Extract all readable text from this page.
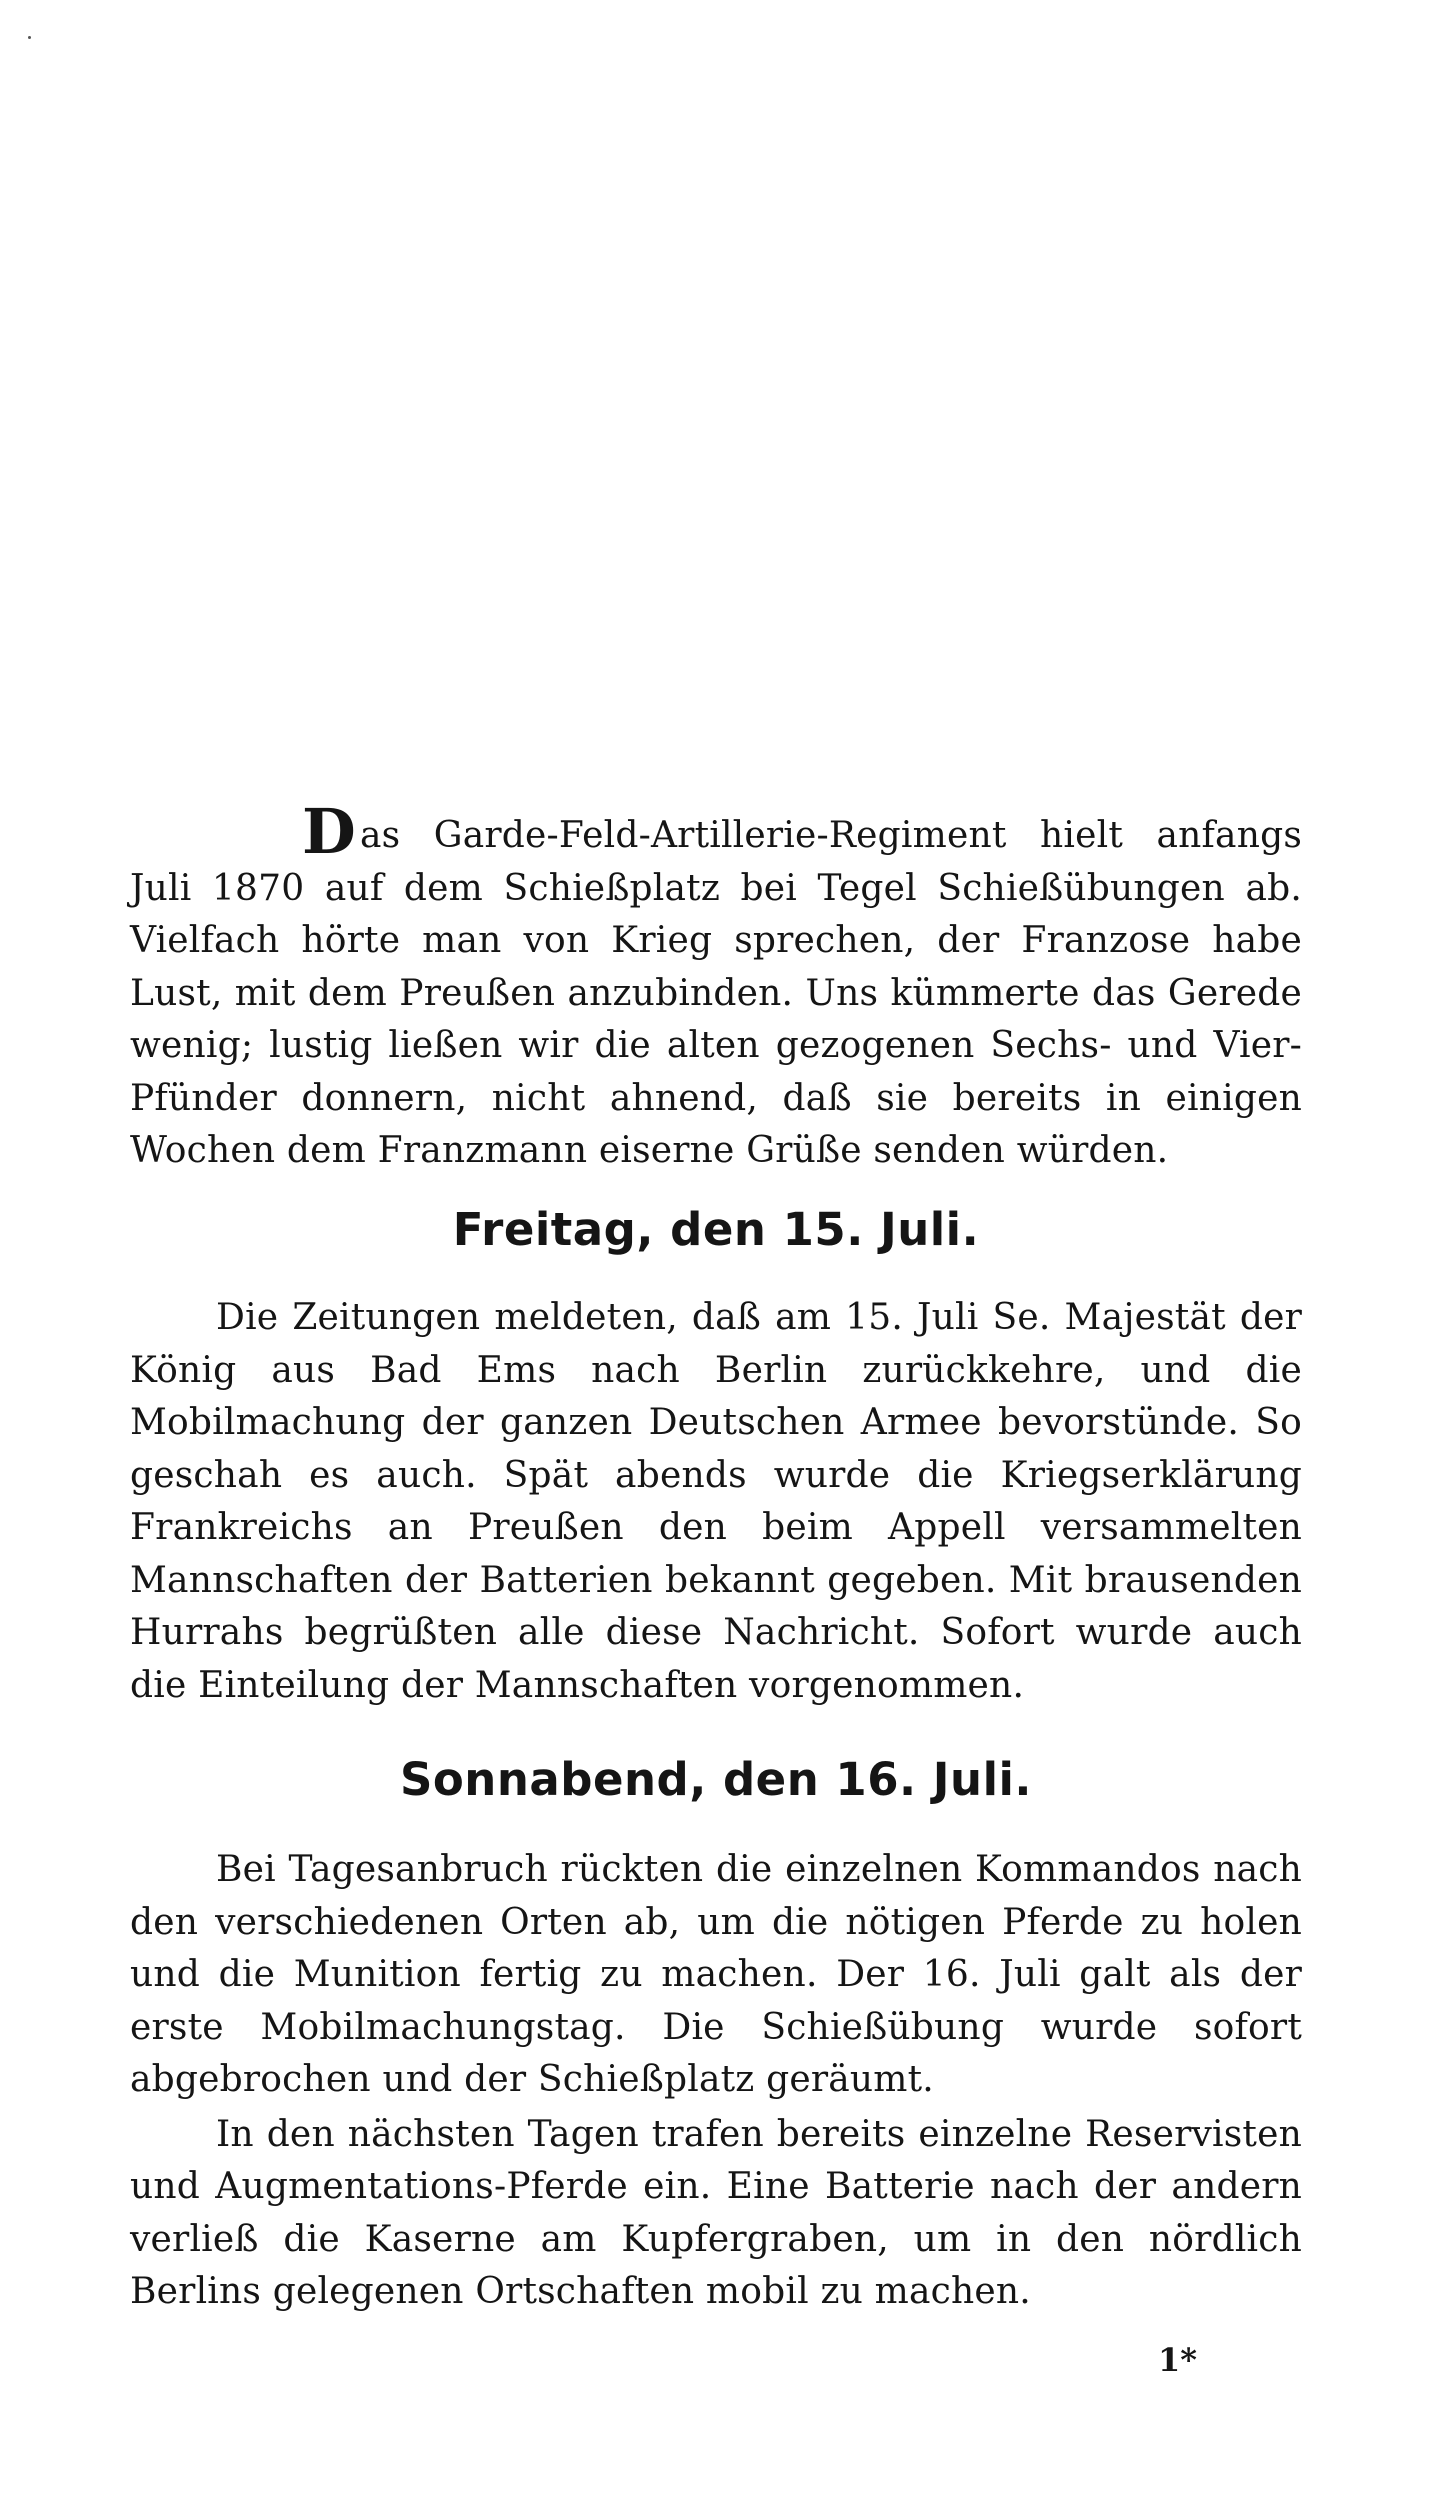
Das Garde-Feld-Artillerie-Regiment hielt anfangs Juli 1870 auf dem Schießplatz bei Tegel Schießübungen ab. Vielfach hörte man von Krieg sprechen, der Franzose habe Lust, mit dem Preußen anzubinden. Uns kümmerte das Gerede wenig; lustig ließen wir die alten gezogenen Sechs- und Vier-Pfünder donnern, nicht ahnend, daß sie bereits in einigen Wochen dem Franzmann eiserne Grüße senden würden.

Freitag, den 15. Juli.

Die Zeitungen meldeten, daß am 15. Juli Se. Majestät der König aus Bad Ems nach Berlin zurückkehre, und die Mobilmachung der ganzen Deutschen Armee bevorstünde. So geschah es auch. Spät abends wurde die Kriegserklärung Frankreichs an Preußen den beim Appell versammelten Mannschaften der Batterien bekannt gegeben. Mit brausenden Hurrahs begrüßten alle diese Nachricht. Sofort wurde auch die Einteilung der Mannschaften vorgenommen.

Sonnabend, den 16. Juli.

Bei Tagesanbruch rückten die einzelnen Kommandos nach den verschiedenen Orten ab, um die nötigen Pferde zu holen und die Munition fertig zu machen. Der 16. Juli galt als der erste Mobilmachungstag. Die Schießübung wurde sofort abgebrochen und der Schießplatz geräumt.

In den nächsten Tagen trafen bereits einzelne Reservisten und Augmentations-Pferde ein. Eine Batterie nach der andern verließ die Kaserne am Kupfergraben, um in den nördlich Berlins gelegenen Ortschaften mobil zu machen.

1*
